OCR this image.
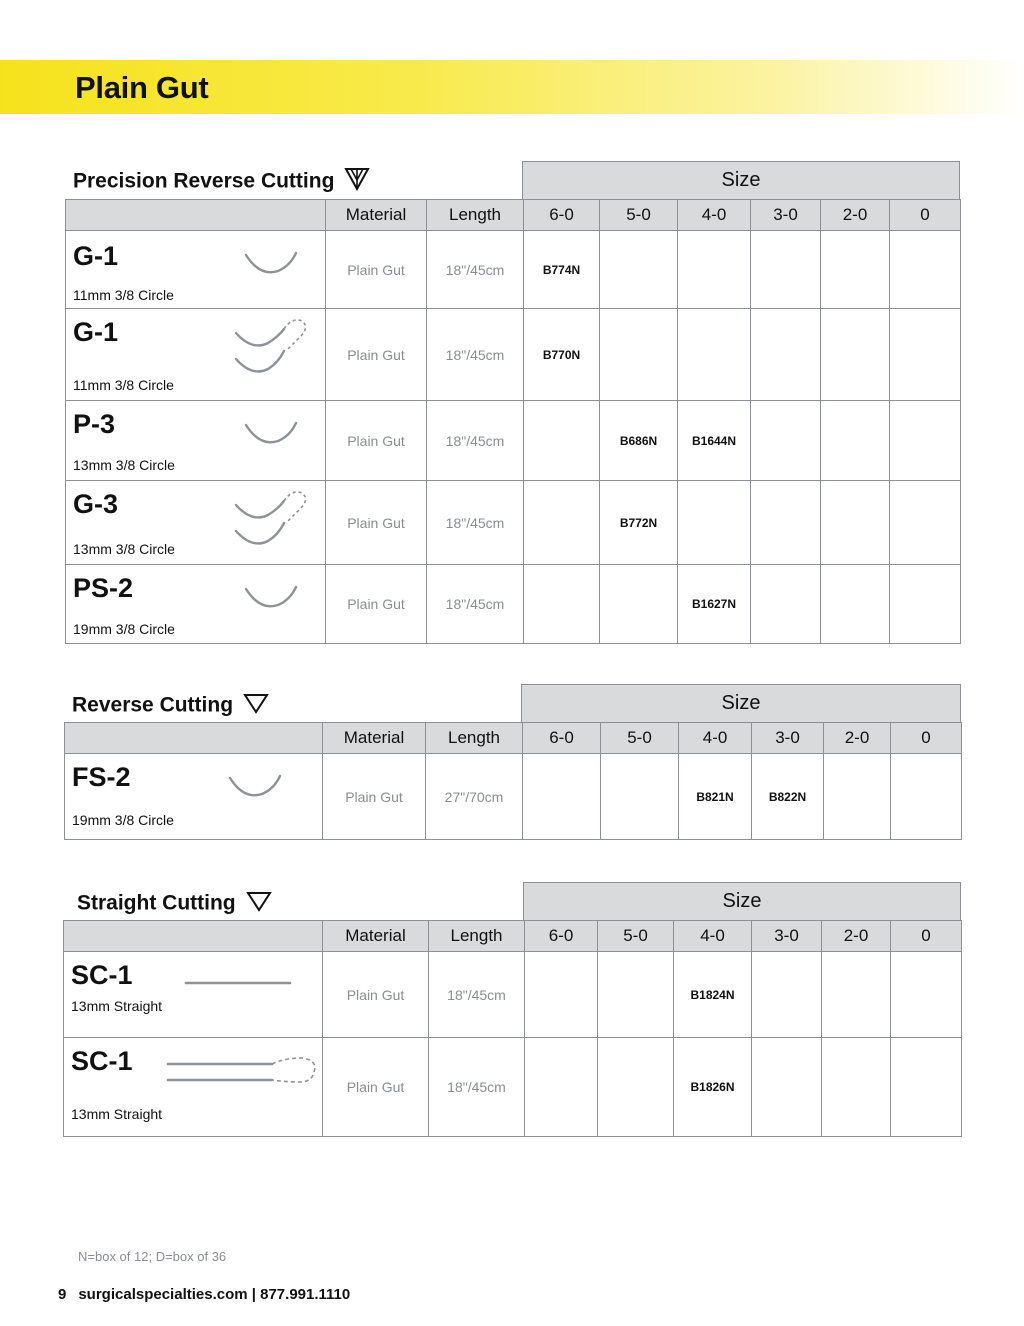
Plain Gut
Precision Reverse Cutting	Size
	Material	Length	6-0	5-0	4-0	3-0	2-0	0

G-1
11mm 3/8 Circle	Plain Gut	18"/45cm	B774N					

G-1
11mm 3/8 Circle	Plain Gut	18"/45cm	B770N					

P-3
13mm 3/8 Circle	Plain Gut	18"/45cm		B686N	B1644N			

G-3
13mm 3/8 Circle	Plain Gut	18"/45cm		B772N				

PS-2
19mm 3/8 Circle	Plain Gut	18"/45cm			B1627N			
Reverse Cutting	Size
	Material	Length	6-0	5-0	4-0	3-0	2-0	0

FS-2
19mm 3/8 Circle	Plain Gut	27"/70cm			B821N	B822N		
Straight Cutting	Size
	Material	Length	6-0	5-0	4-0	3-0	2-0	0

SC-1
13mm Straight	Plain Gut	18"/45cm			B1824N			

SC-1
13mm Straight	Plain Gut	18"/45cm			B1826N			
N=box of 12; D=box of 36
9 surgicalspecialties.com | 877.991.1110
